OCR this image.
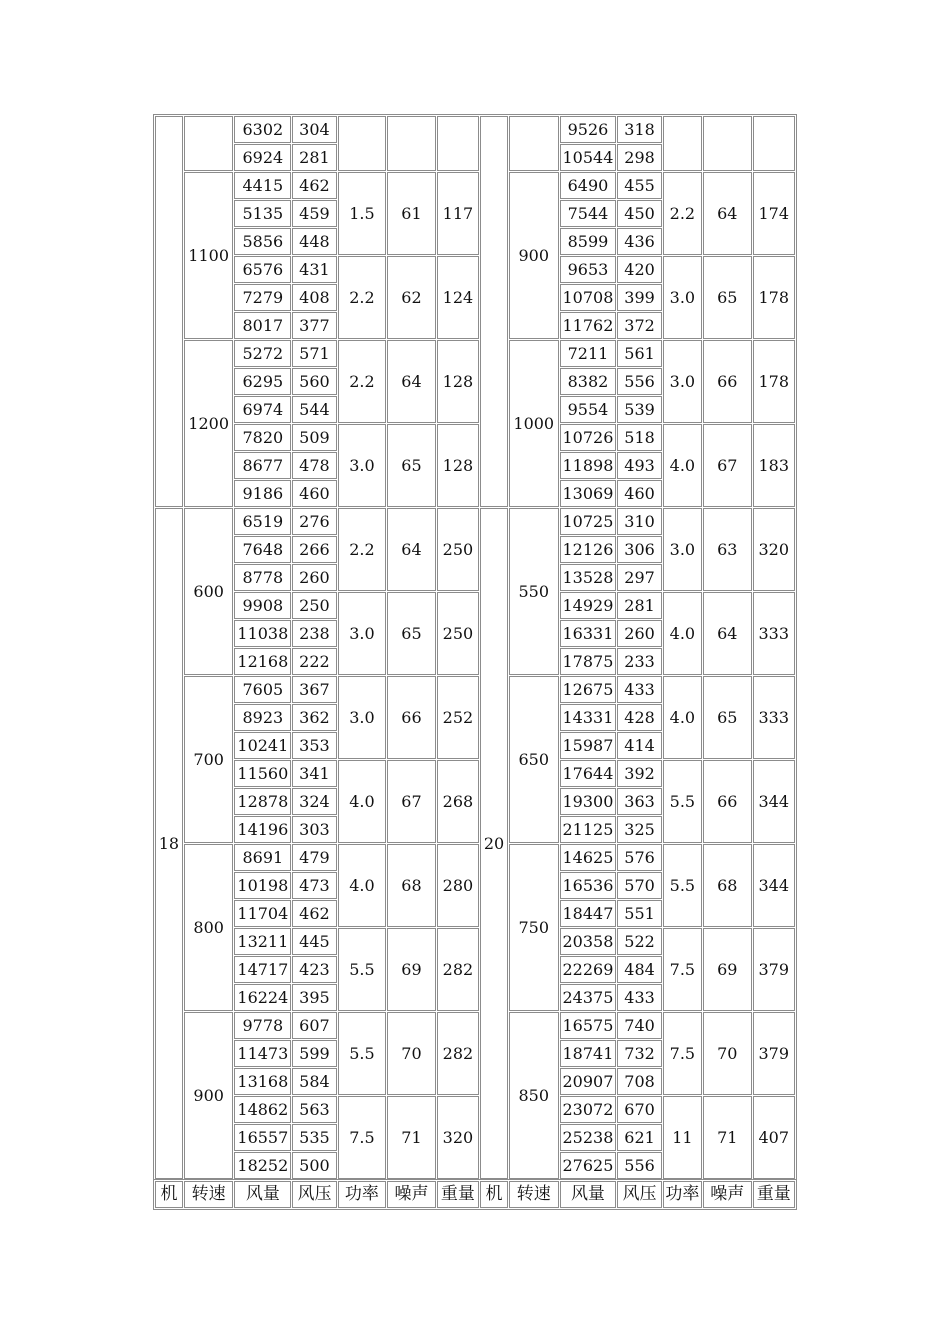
		6302	304						9526	318			
		6924	281						10544	298			
	1100	4415	462	1.5	61	117		900	6490	455	2.2	64	174
		5135	459						7544	450			
		5856	448						8599	436			
		6576	431	2.2	62	124			9653	420	3.0	65	178
		7279	408						10708	399			
		8017	377						11762	372			
	1200	5272	571	2.2	64	128		1000	7211	561	3.0	66	178
		6295	560						8382	556			
		6974	544						9554	539			
		7820	509	3.0	65	128			10726	518	4.0	67	183
		8677	478						11898	493			
		9186	460						13069	460			
18	600	6519	276	2.2	64	250	20	550	10725	310	3.0	63	320
		7648	266						12126	306			
		8778	260						13528	297			
		9908	250	3.0	65	250			14929	281	4.0	64	333
		11038	238						16331	260			
		12168	222						17875	233			
	700	7605	367	3.0	66	252		650	12675	433	4.0	65	333
		8923	362						14331	428			
		10241	353						15987	414			
		11560	341	4.0	67	268			17644	392	5.5	66	344
		12878	324						19300	363			
		14196	303						21125	325			
	800	8691	479	4.0	68	280		750	14625	576	5.5	68	344
		10198	473						16536	570			
		11704	462						18447	551			
		13211	445	5.5	69	282			20358	522	7.5	69	379
		14717	423						22269	484			
		16224	395						24375	433			
	900	9778	607	5.5	70	282		850	16575	740	7.5	70	379
		11473	599						18741	732			
		13168	584						20907	708			
		14862	563	7.5	71	320			23072	670	11	71	407
		16557	535						25238	621			
		18252	500						27625	556			
机	转速	风量	风压	功率	噪声	重量	机	转速	风量	风压	功率	噪声	重量
